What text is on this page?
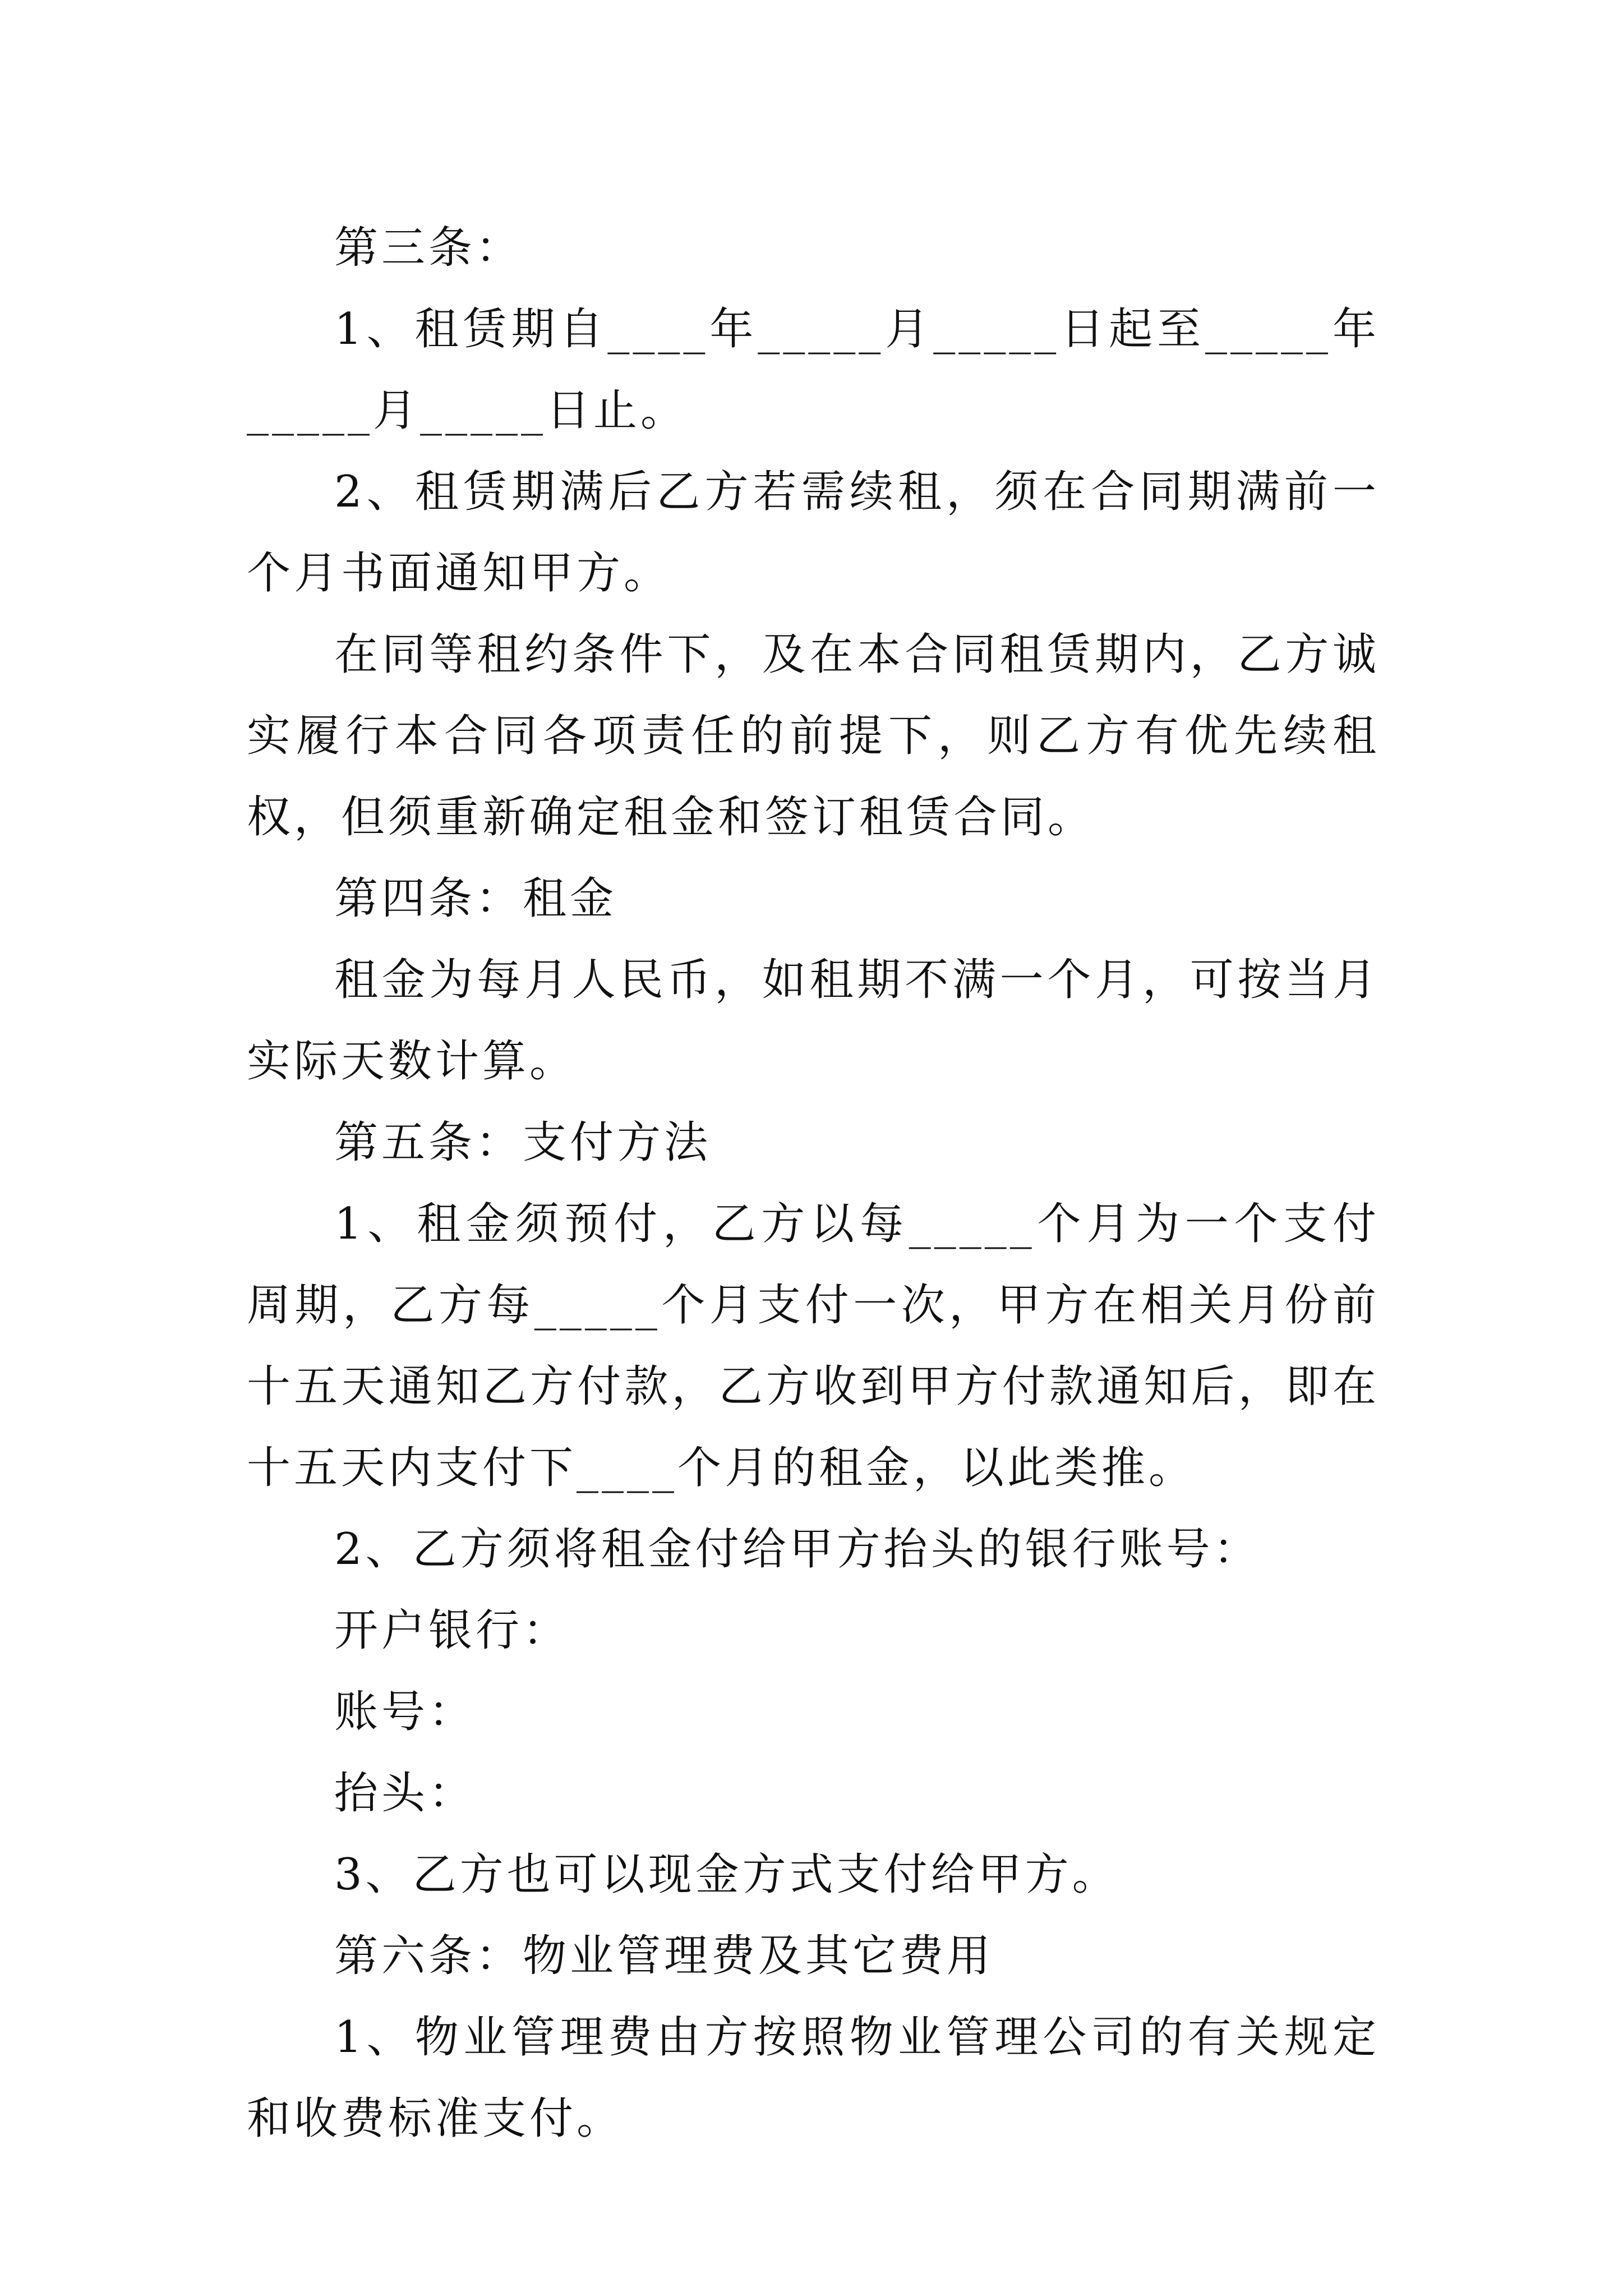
第三条：

1、租赁期自____年_____月_____日起至_____年_____月_____日止。

2、租赁期满后乙方若需续租，须在合同期满前一个月书面通知甲方。

在同等租约条件下，及在本合同租赁期内，乙方诚实履行本合同各项责任的前提下，则乙方有优先续租权，但须重新确定租金和签订租赁合同。

第四条：租金

租金为每月人民币，如租期不满一个月，可按当月实际天数计算。

第五条：支付方法

1、租金须预付，乙方以每_____个月为一个支付周期，乙方每_____个月支付一次，甲方在相关月份前十五天通知乙方付款，乙方收到甲方付款通知后，即在十五天内支付下____个月的租金，以此类推。

2、乙方须将租金付给甲方抬头的银行账号：

开户银行：

账号：

抬头：

3、乙方也可以现金方式支付给甲方。

第六条：物业管理费及其它费用

1、物业管理费由方按照物业管理公司的有关规定和收费标准支付。
